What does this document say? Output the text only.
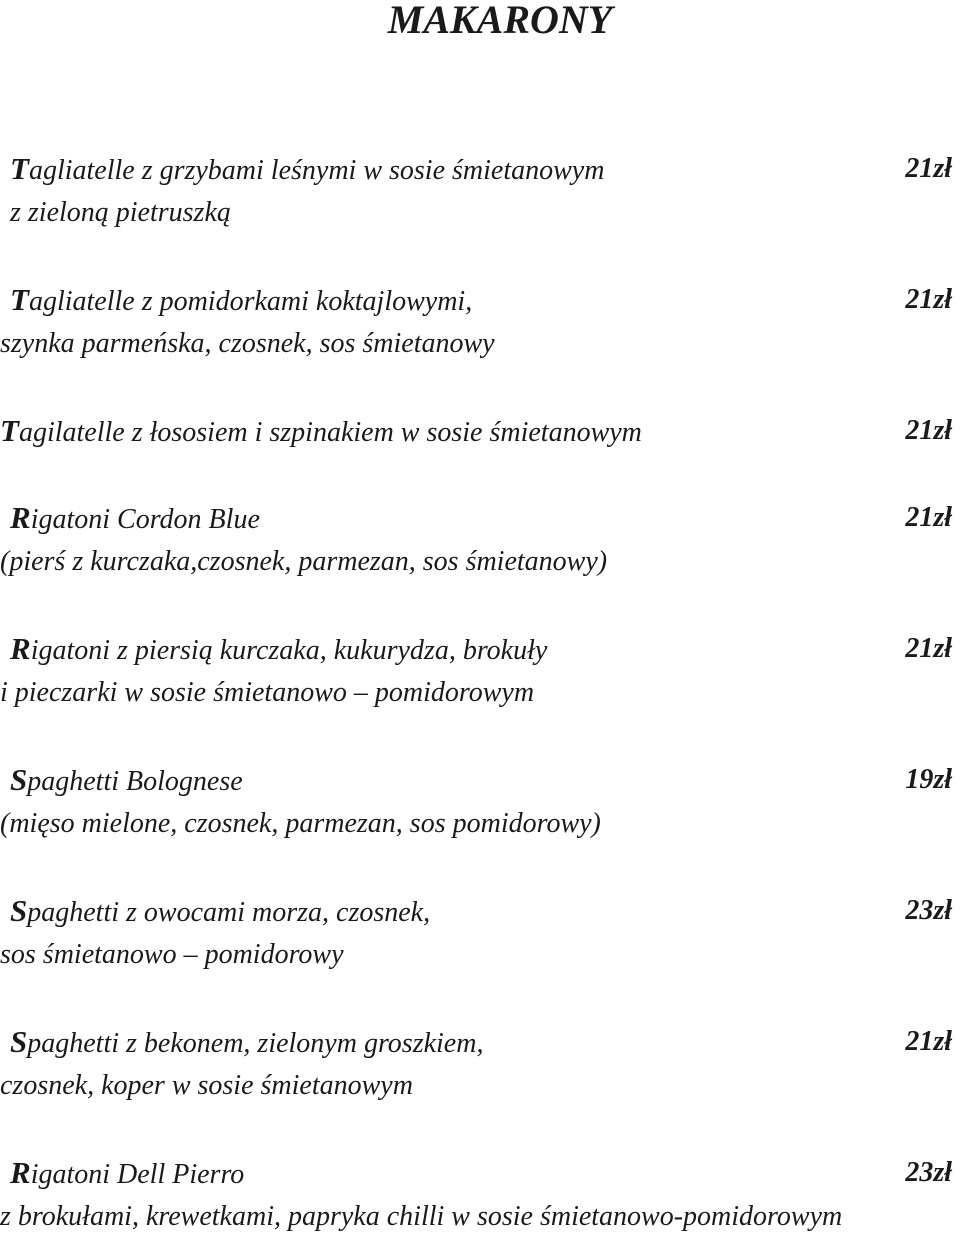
MAKARONY
Tagliatelle z grzybami leśnymi w sosie śmietanowym
z zieloną pietruszką
21zł
Tagliatelle z pomidorkami koktajlowymi,
szynka parmeńska, czosnek, sos śmietanowy
21zł
Tagilatelle z łososiem i szpinakiem w sosie śmietanowym	21zł
Rigatoni Cordon Blue
(pierś z kurczaka,czosnek, parmezan, sos śmietanowy)
21zł
Rigatoni z piersią kurczaka, kukurydza, brokuły
i pieczarki w sosie śmietanowo – pomidorowym
21zł
Spaghetti Bolognese
(mięso mielone, czosnek, parmezan, sos pomidorowy)
19zł
Spaghetti z owocami morza, czosnek,
sos śmietanowo – pomidorowy
23zł
Spaghetti z bekonem, zielonym groszkiem,
czosnek, koper w sosie śmietanowym
21zł
Rigatoni Dell Pierro
z brokułami, krewetkami, papryka chilli w sosie śmietanowo-pomidorowym
23zł
